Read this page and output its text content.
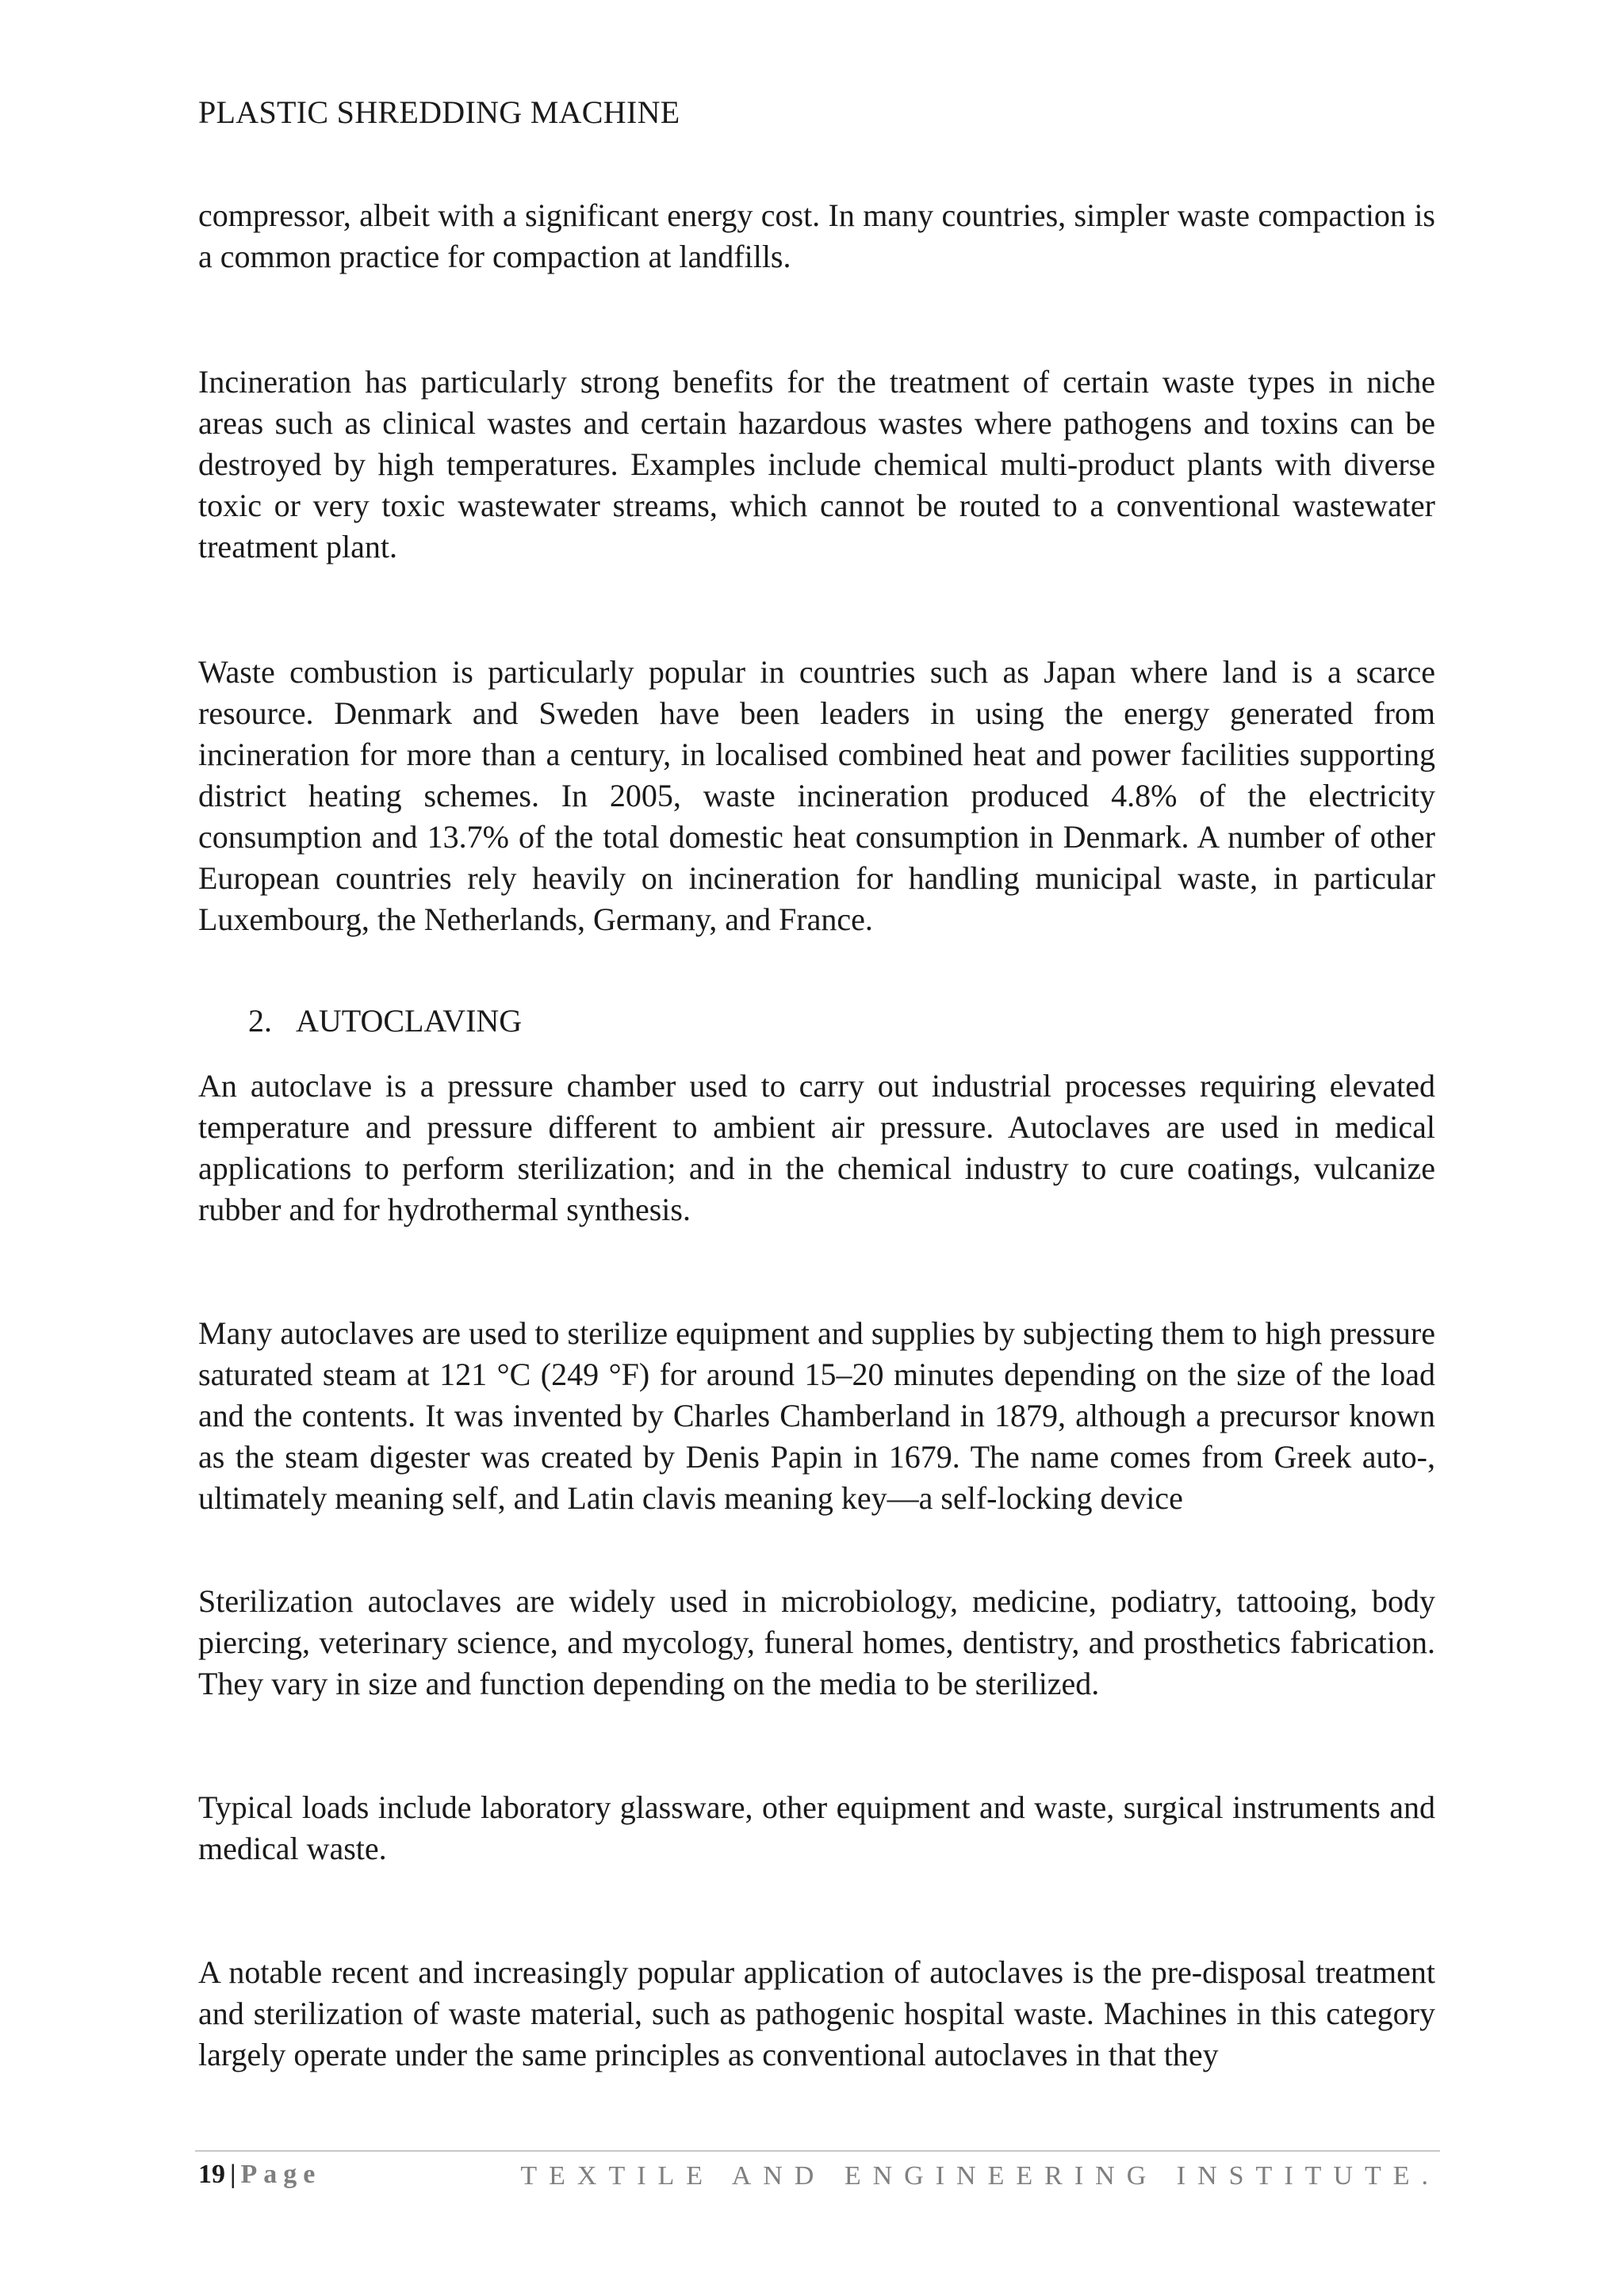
PLASTIC SHREDDING MACHINE

compressor, albeit with a significant energy cost. In many countries, simpler waste compaction is a common practice for compaction at landfills.

Incineration has particularly strong benefits for the treatment of certain waste types in niche areas such as clinical wastes and certain hazardous wastes where pathogens and toxins can be destroyed by high temperatures. Examples include chemical multi-product plants with diverse toxic or very toxic wastewater streams, which cannot be routed to a conventional wastewater treatment plant.

Waste combustion is particularly popular in countries such as Japan where land is a scarce resource. Denmark and Sweden have been leaders in using the energy generated from incineration for more than a century, in localised combined heat and power facilities supporting district heating schemes. In 2005, waste incineration produced 4.8% of the electricity consumption and 13.7% of the total domestic heat consumption in Denmark. A number of other European countries rely heavily on incineration for handling municipal waste, in particular Luxembourg, the Netherlands, Germany, and France.

2. AUTOCLAVING

An autoclave is a pressure chamber used to carry out industrial processes requiring elevated temperature and pressure different to ambient air pressure. Autoclaves are used in medical applications to perform sterilization; and in the chemical industry to cure coatings, vulcanize rubber and for hydrothermal synthesis.

Many autoclaves are used to sterilize equipment and supplies by subjecting them to high pressure saturated steam at 121 °C (249 °F) for around 15–20 minutes depending on the size of the load and the contents. It was invented by Charles Chamberland in 1879, although a precursor known as the steam digester was created by Denis Papin in 1679. The name comes from Greek auto-, ultimately meaning self, and Latin clavis meaning key—a self-locking device

Sterilization autoclaves are widely used in microbiology, medicine, podiatry, tattooing, body piercing, veterinary science, and mycology, funeral homes, dentistry, and prosthetics fabrication. They vary in size and function depending on the media to be sterilized.

Typical loads include laboratory glassware, other equipment and waste, surgical instruments and medical waste.

A notable recent and increasingly popular application of autoclaves is the pre-disposal treatment and sterilization of waste material, such as pathogenic hospital waste. Machines in this category largely operate under the same principles as conventional autoclaves in that they

19 | Page	TEXTILE AND ENGINEERING INSTITUTE.
